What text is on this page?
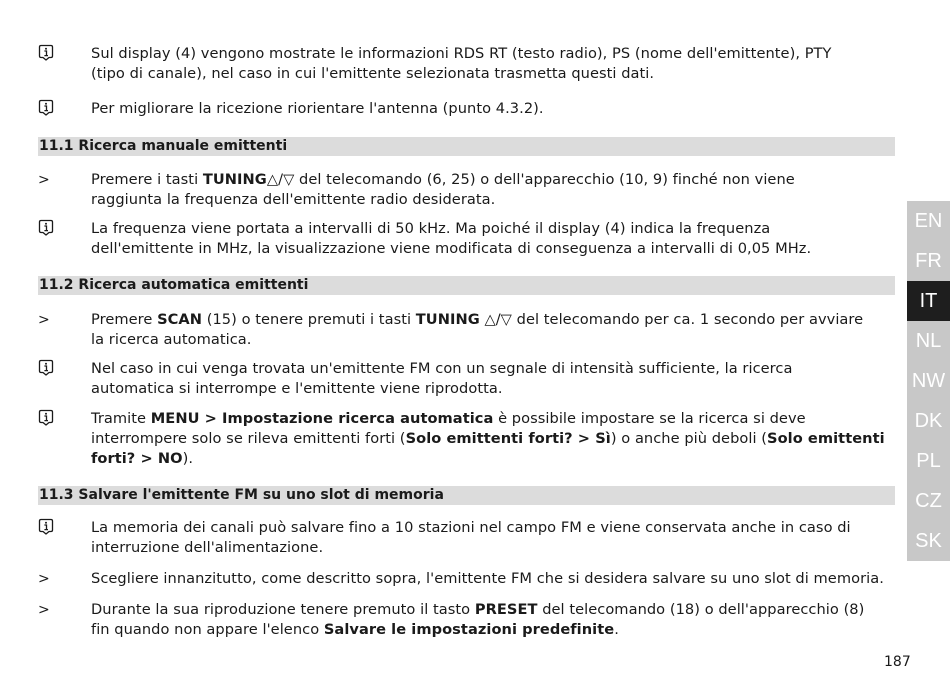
Sul display (4) vengono mostrate le informazioni RDS RT (testo radio), PS (nome dell'emittente), PTY
(tipo di canale), nel caso in cui l'emittente selezionata trasmetta questi dati.
Per migliorare la ricezione riorientare l'antenna (punto 4.3.2).
11.1 Ricerca manuale emittenti
>	Premere i tasti TUNING△/▽ del telecomando (6, 25) o dell'apparecchio (10, 9) finché non viene
raggiunta la frequenza dell'emittente radio desiderata.
La frequenza viene portata a intervalli di 50 kHz. Ma poiché il display (4) indica la frequenza
dell'emittente in MHz, la visualizzazione viene modificata di conseguenza a intervalli di 0,05 MHz.
11.2 Ricerca automatica emittenti
>	Premere SCAN (15) o tenere premuti i tasti TUNING △/▽ del telecomando per ca. 1 secondo per avviare
la ricerca automatica.
Nel caso in cui venga trovata un'emittente FM con un segnale di intensità sufficiente, la ricerca
automatica si interrompe e l'emittente viene riprodotta.
Tramite MENU > Impostazione ricerca automatica è possibile impostare se la ricerca si deve
interrompere solo se rileva emittenti forti (Solo emittenti forti? > Sì) o anche più deboli (Solo emittenti
forti? > NO).
11.3 Salvare l'emittente FM su uno slot di memoria
La memoria dei canali può salvare fino a 10 stazioni nel campo FM e viene conservata anche in caso di
interruzione dell'alimentazione.
>	Scegliere innanzitutto, come descritto sopra, l'emittente FM che si desidera salvare su uno slot di memoria.
>	Durante la sua riproduzione tenere premuto il tasto PRESET del telecomando (18) o dell'apparecchio (8)
fin quando non appare l'elenco Salvare le impostazioni predefinite.
EN
FR
IT
NL
NW
DK
PL
CZ
SK
187
